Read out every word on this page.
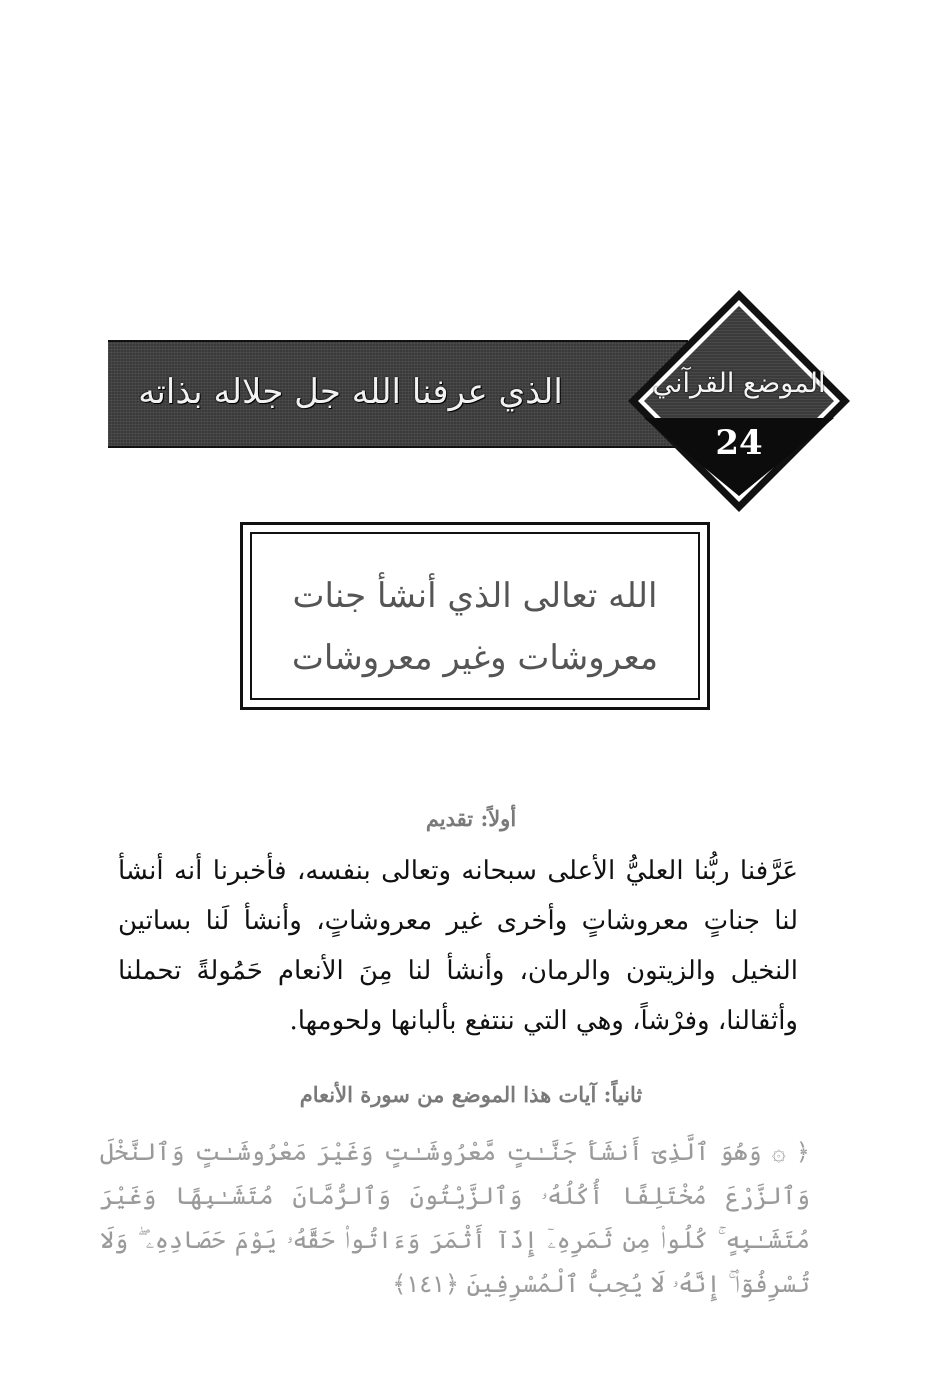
الذي عرفنا الله جل جلاله بذاته	الموضع القرآني
24
الله تعالى الذي أنشأ جنات معروشات وغير معروشات
أولاً: تقديم
عَرَّفنا ربُّنا العليُّ الأعلى سبحانه وتعالى بنفسه، فأخبرنا أنه أنشأ لنا جناتٍ معروشاتٍ وأخرى غير معروشاتٍ، وأنشأ لَنا بساتين النخيل والزيتون والرمان، وأنشأ لنا مِنَ الأنعام حَمُولةً تحملنا وأثقالنا، وفرْشاً، وهي التي ننتفع بألبانها ولحومها.
ثانياً: آيات هذا الموضع من سورة الأنعام
﴿ ۞ وَهُوَ ٱلَّذِىٓ أَنشَأَ جَنَّـٰتٍ مَّعْرُوشَـٰتٍ وَغَيْرَ مَعْرُوشَـٰتٍ وَٱلنَّخْلَ وَٱلزَّرْعَ مُخْتَلِفًا أُكُلُهُۥ وَٱلزَّيْتُونَ وَٱلرُّمَّانَ مُتَشَـٰبِهًا وَغَيْرَ مُتَشَـٰبِهٍ ۚ كُلُوا۟ مِن ثَمَرِهِۦٓ إِذَآ أَثْمَرَ وَءَاتُوا۟ حَقَّهُۥ يَوْمَ حَصَادِهِۦ ۖ وَلَا تُسْرِفُوٓا۟ ۚ إِنَّهُۥ لَا يُحِبُّ ٱلْمُسْرِفِينَ ﴿١٤١﴾
